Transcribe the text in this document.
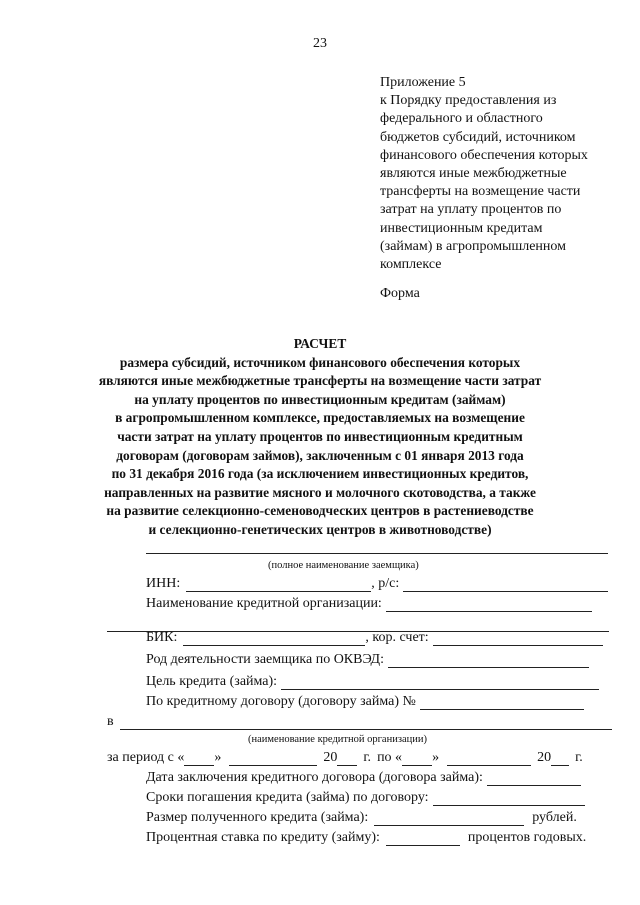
23
Приложение 5
к Порядку предоставления из
федерального и областного
бюджетов субсидий, источником
финансового обеспечения которых
являются иные межбюджетные
трансферты на возмещение части
затрат на уплату процентов по
инвестиционным кредитам
(займам) в агропромышленном
комплексе
Форма
РАСЧЕТ
размера субсидий, источником финансового обеспечения которых
являются иные межбюджетные трансферты на возмещение части затрат
на уплату процентов по инвестиционным кредитам (займам)
в агропромышленном комплексе, предоставляемых на возмещение
части затрат на уплату процентов по инвестиционным кредитным
договорам (договорам займов), заключенным с 01 января 2013 года
по 31 декабря 2016 года (за исключением инвестиционных кредитов,
направленных на развитие мясного и молочного скотоводства, а также
на развитие селекционно-семеноводческих центров в растениеводстве
и селекционно-генетических центров в животноводстве)
(полное наименование заемщика)
ИНН:	, р/с:
Наименование кредитной организации:
БИК:	, кор. счет:
Род деятельности заемщика по ОКВЭД:
Цель кредита (займа):
По кредитному договору (договору займа) №
в
(наименование кредитной организации)
за период с « »	20 г. по « »	20 г.
Дата заключения кредитного договора (договора займа):
Сроки погашения кредита (займа) по договору:
Размер полученного кредита (займа):	рублей.
Процентная ставка по кредиту (займу):	процентов годовых.
